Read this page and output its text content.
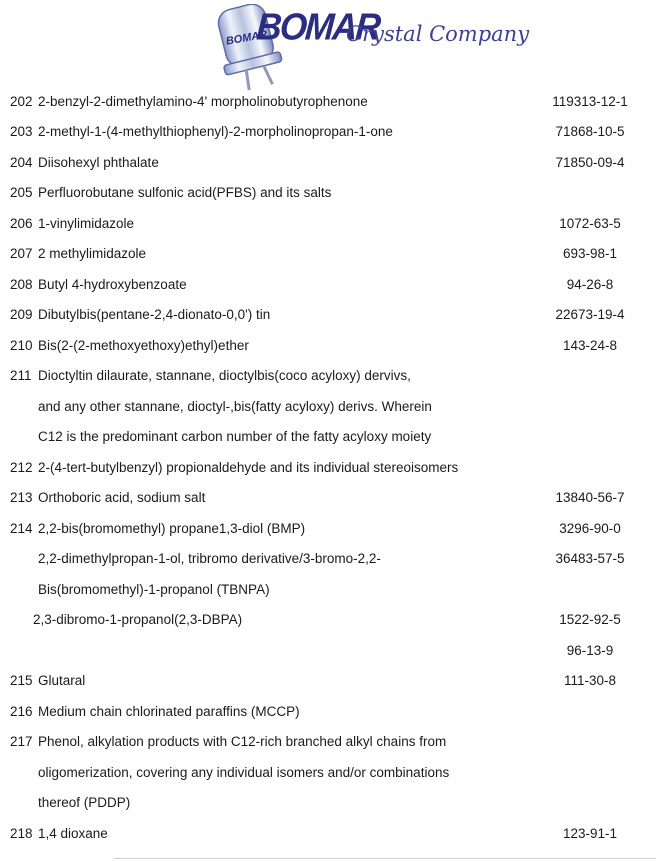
BOMAR
BOMAR
Crystal Company
202 2-benzyl-2-dimethylamino-4' morpholinobutyrophenone	119313-12-1
203 2-methyl-1-(4-methylthiophenyl)-2-morpholinopropan-1-one	71868-10-5
204 Diisohexyl phthalate	71850-09-4
205 Perfluorobutane sulfonic acid(PFBS) and its salts
206 1-vinylimidazole	1072-63-5
207 2 methylimidazole	693-98-1
208 Butyl 4-hydroxybenzoate	94-26-8
209 Dibutylbis(pentane-2,4-dionato-0,0') tin	22673-19-4
210 Bis(2-(2-methoxyethoxy)ethyl)ether	143-24-8
211 Dioctyltin dilaurate, stannane, dioctylbis(coco acyloxy) dervivs,
and any other stannane, dioctyl-,bis(fatty acyloxy) derivs. Wherein
C12 is the predominant carbon number of the fatty acyloxy moiety
212 2-(4-tert-butylbenzyl) propionaldehyde and its individual stereoisomers
213 Orthoboric acid, sodium salt	13840-56-7
214 2,2-bis(bromomethyl) propane1,3-diol (BMP)	3296-90-0
2,2-dimethylpropan-1-ol, tribromo derivative/3-bromo-2,2-	36483-57-5
Bis(bromomethyl)-1-propanol (TBNPA)
2,3-dibromo-1-propanol(2,3-DBPA)	1522-92-5
96-13-9
215 Glutaral	111-30-8
216 Medium chain chlorinated paraffins (MCCP)
217 Phenol, alkylation products with C12-rich branched alkyl chains from
oligomerization, covering any individual isomers and/or combinations
thereof (PDDP)
218 1,4 dioxane	123-91-1
